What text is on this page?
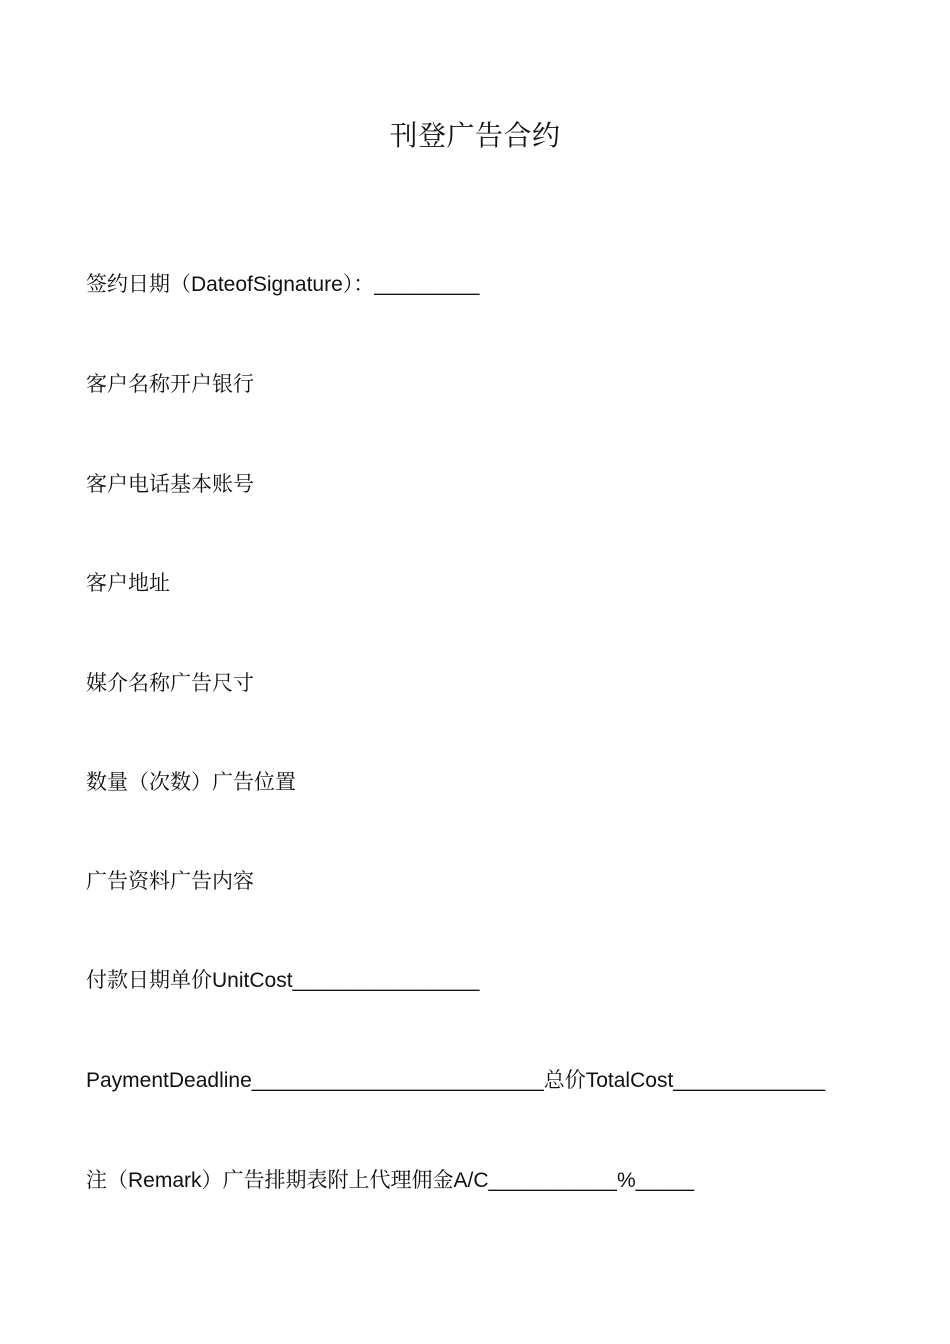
刊登广告合约
签约日期（DateofSignature）：_________
客户名称开户银行
客户电话基本账号
客户地址
媒介名称广告尺寸
数量（次数）广告位置
广告资料广告内容
付款日期单价UnitCost________________
PaymentDeadline_________________________总价TotalCost_____________
注（Remark）广告排期表附上代理佣金A/C___________%_____
